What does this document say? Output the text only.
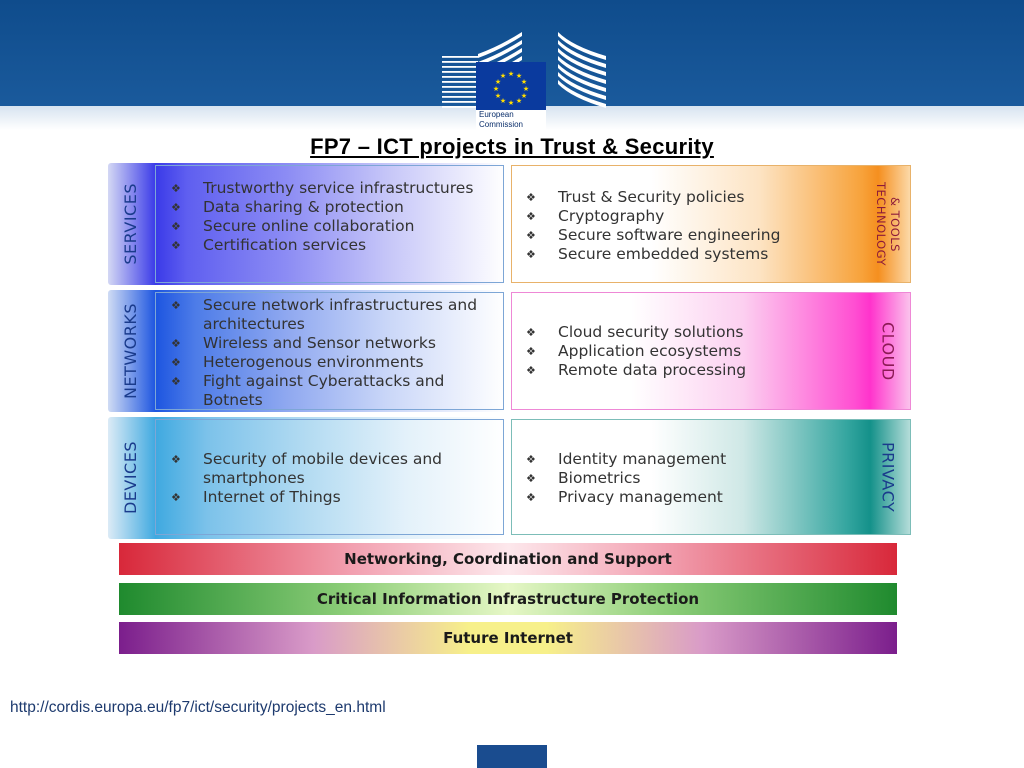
★ ★
★
★
★
★
★
★
★
★
★
★
European
Commission
FP7 – ICT projects in Trust & Security
SERVICES	❖ Trustworthy service infrastructures
❖ Data sharing & protection
❖ Secure online collaboration
❖ Certification services
❖ Trust & Security policies
❖ Cryptography
❖ Secure software engineering
❖ Secure embedded systems	TECHNOLOGY & TOOLS
NETWORKS	❖ Secure network infrastructures and architectures
❖ Wireless and Sensor networks
❖ Heterogenous environments
❖ Fight against Cyberattacks and Botnets
❖ Cloud security solutions
❖ Application ecosystems
❖ Remote data processing	CLOUD
DEVICES	❖ Security of mobile devices and smartphones
❖ Internet of Things
❖ Identity management
❖ Biometrics
❖ Privacy management	PRIVACY
Networking, Coordination and Support
Critical Information Infrastructure Protection
Future Internet
http://cordis.europa.eu/fp7/ict/security/projects_en.html
